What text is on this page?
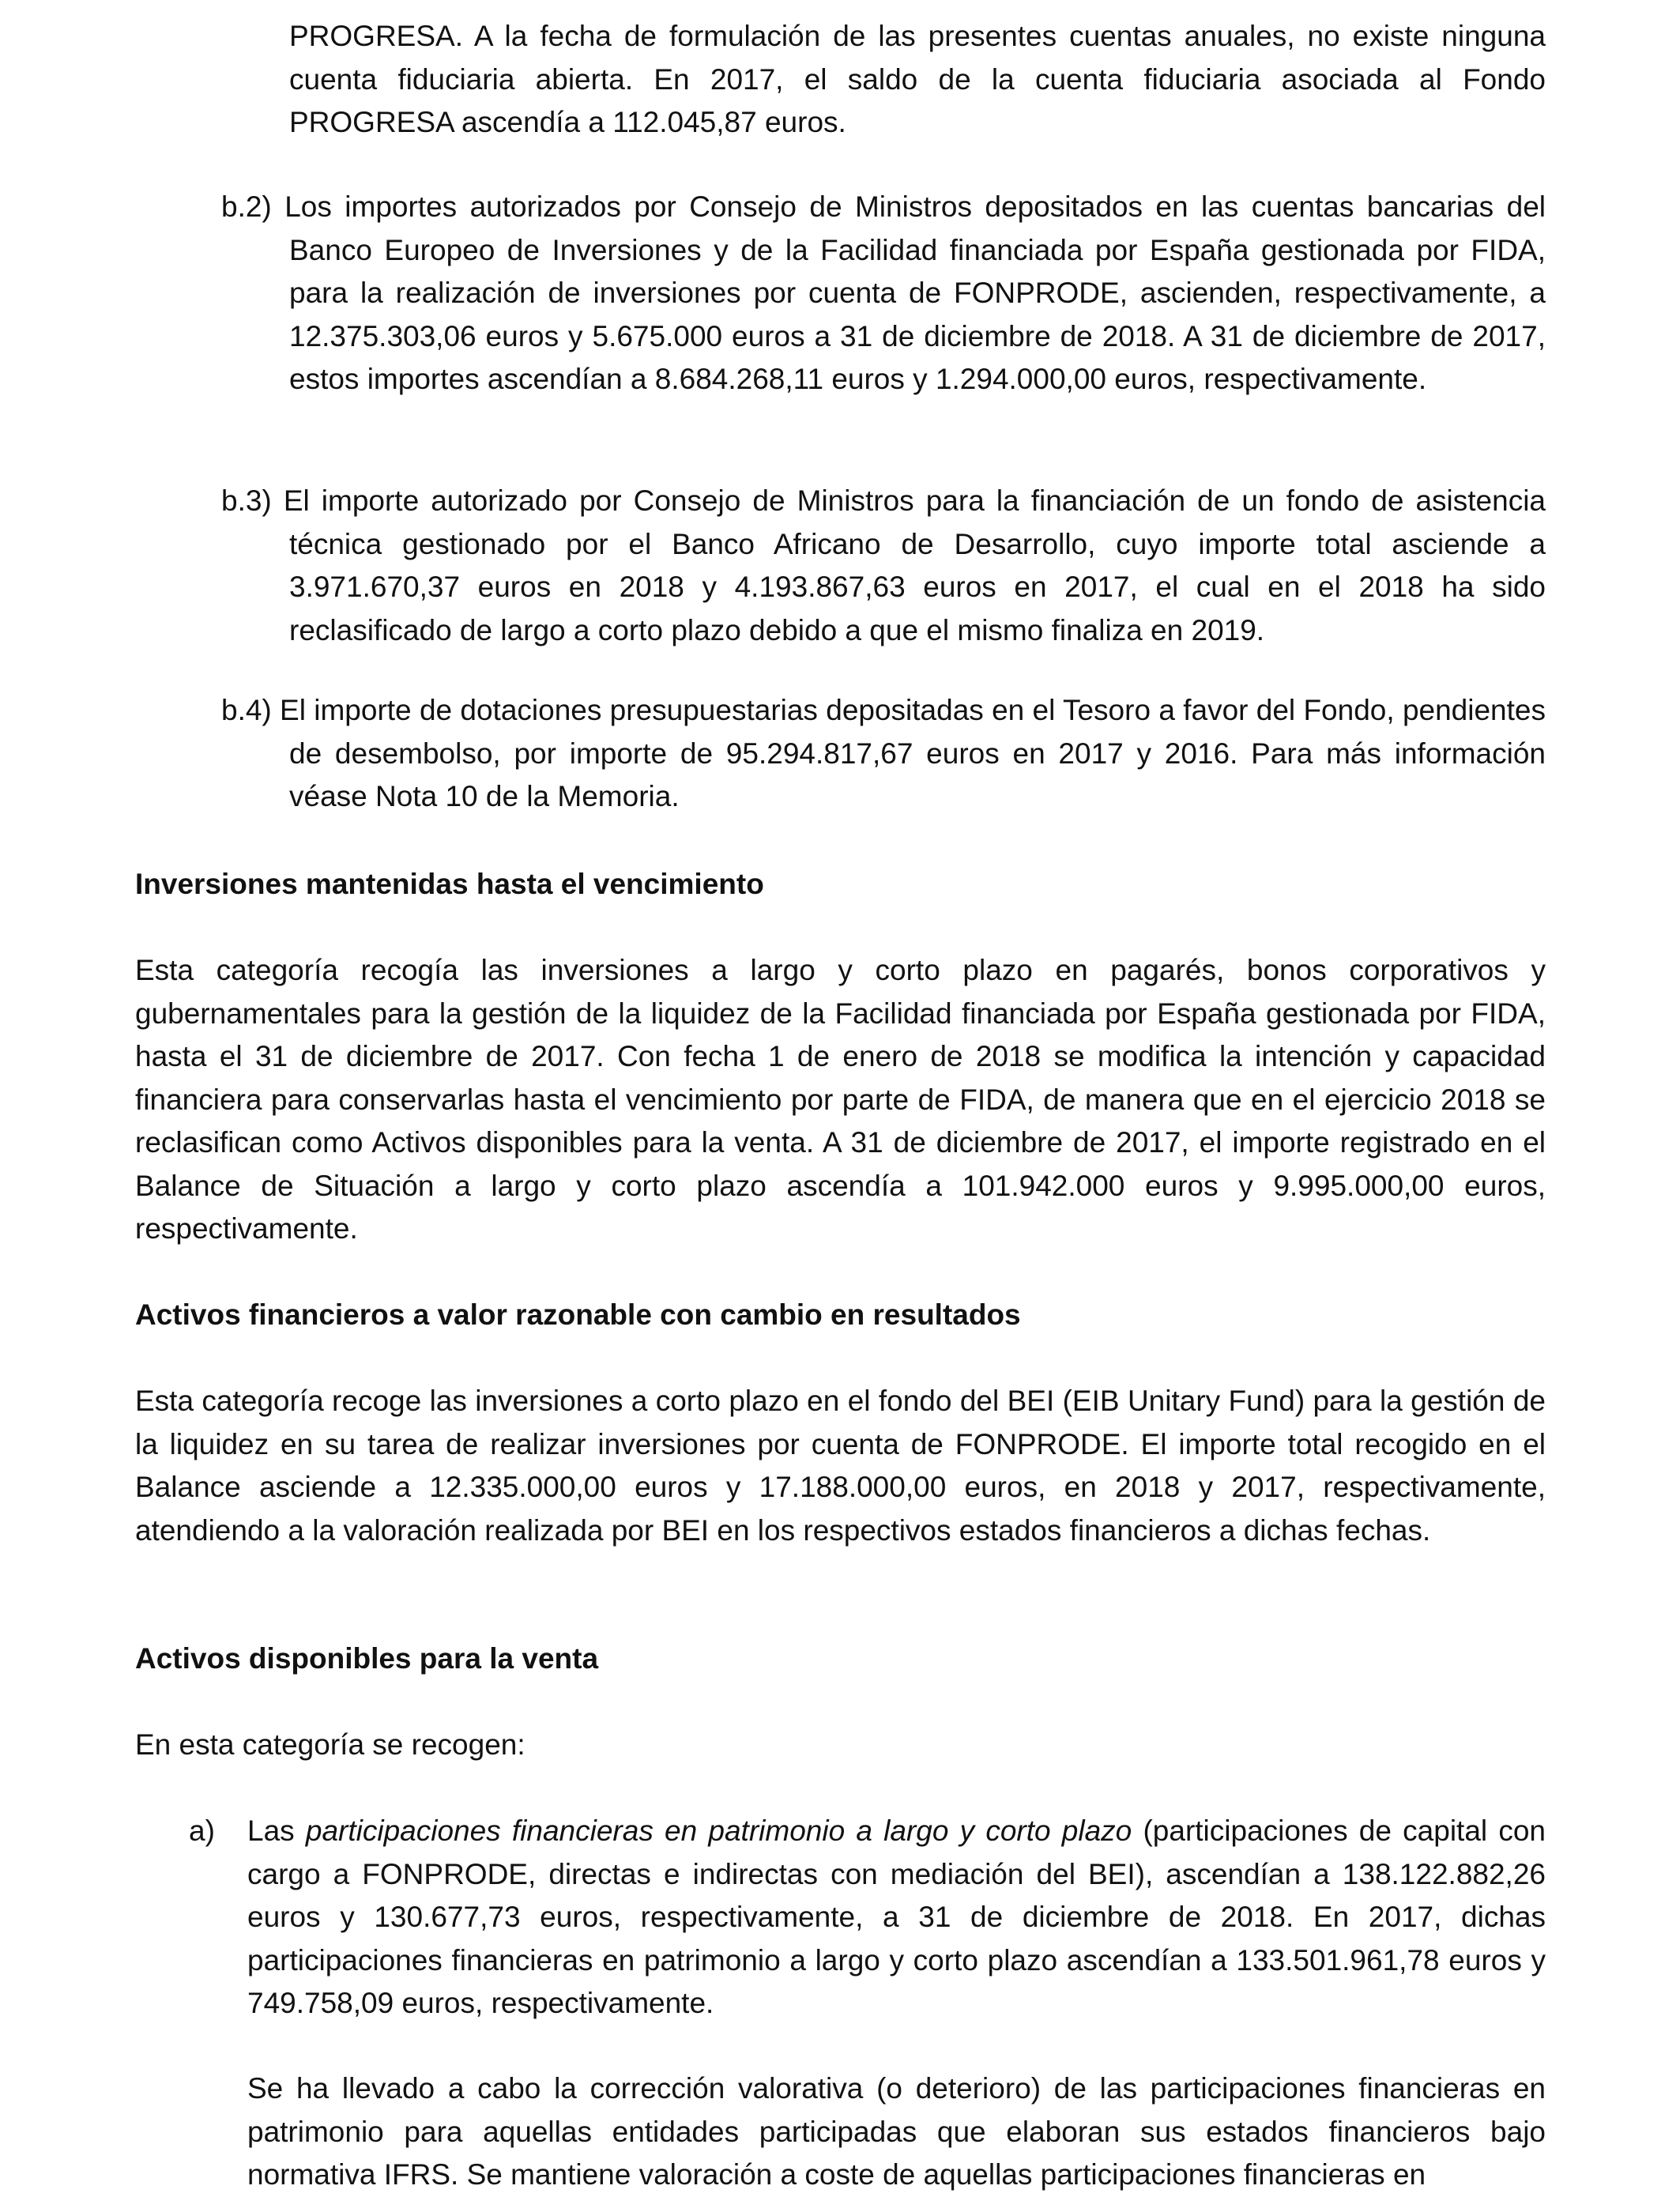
PROGRESA. A la fecha de formulación de las presentes cuentas anuales, no existe ninguna cuenta fiduciaria abierta. En 2017, el saldo de la cuenta fiduciaria asociada al Fondo PROGRESA ascendía a 112.045,87 euros.

b.2) Los importes autorizados por Consejo de Ministros depositados en las cuentas bancarias del Banco Europeo de Inversiones y de la Facilidad financiada por España gestionada por FIDA, para la realización de inversiones por cuenta de FONPRODE, ascienden, respectivamente, a 12.375.303,06 euros y 5.675.000 euros a 31 de diciembre de 2018. A 31 de diciembre de 2017, estos importes ascendían a 8.684.268,11 euros y 1.294.000,00 euros, respectivamente.

b.3) El importe autorizado por Consejo de Ministros para la financiación de un fondo de asistencia técnica gestionado por el Banco Africano de Desarrollo, cuyo importe total asciende a 3.971.670,37 euros en 2018 y 4.193.867,63 euros en 2017, el cual en el 2018 ha sido reclasificado de largo a corto plazo debido a que el mismo finaliza en 2019.

b.4) El importe de dotaciones presupuestarias depositadas en el Tesoro a favor del Fondo, pendientes de desembolso, por importe de 95.294.817,67 euros en 2017 y 2016. Para más información véase Nota 10 de la Memoria.

Inversiones mantenidas hasta el vencimiento

Esta categoría recogía las inversiones a largo y corto plazo en pagarés, bonos corporativos y gubernamentales para la gestión de la liquidez de la Facilidad financiada por España gestionada por FIDA, hasta el 31 de diciembre de 2017. Con fecha 1 de enero de 2018 se modifica la intención y capacidad financiera para conservarlas hasta el vencimiento por parte de FIDA, de manera que en el ejercicio 2018 se reclasifican como Activos disponibles para la venta. A 31 de diciembre de 2017, el importe registrado en el Balance de Situación a largo y corto plazo ascendía a 101.942.000 euros y 9.995.000,00 euros, respectivamente.

Activos financieros a valor razonable con cambio en resultados

Esta categoría recoge las inversiones a corto plazo en el fondo del BEI (EIB Unitary Fund) para la gestión de la liquidez en su tarea de realizar inversiones por cuenta de FONPRODE. El importe total recogido en el Balance asciende a 12.335.000,00 euros y 17.188.000,00 euros, en 2018 y 2017, respectivamente, atendiendo a la valoración realizada por BEI en los respectivos estados financieros a dichas fechas.

Activos disponibles para la venta

En esta categoría se recogen:

a) Las participaciones financieras en patrimonio a largo y corto plazo (participaciones de capital con cargo a FONPRODE, directas e indirectas con mediación del BEI), ascendían a 138.122.882,26 euros y 130.677,73 euros, respectivamente, a 31 de diciembre de 2018. En 2017, dichas participaciones financieras en patrimonio a largo y corto plazo ascendían a 133.501.961,78 euros y 749.758,09 euros, respectivamente.

Se ha llevado a cabo la corrección valorativa (o deterioro) de las participaciones financieras en patrimonio para aquellas entidades participadas que elaboran sus estados financieros bajo normativa IFRS. Se mantiene valoración a coste de aquellas participaciones financieras en
